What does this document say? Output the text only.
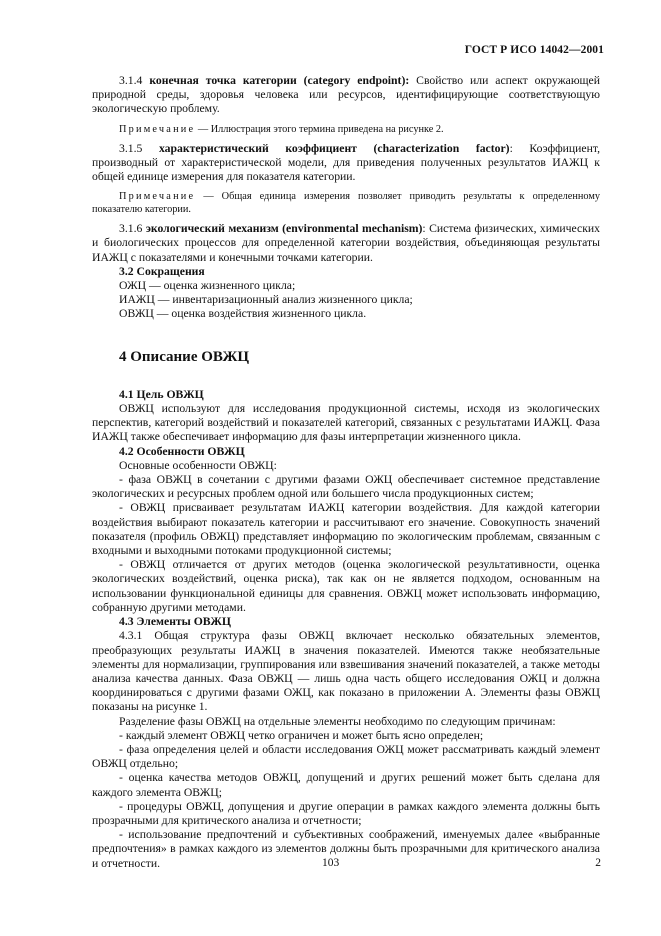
ГОСТ Р ИСО 14042—2001

3.1.4 конечная точка категории (category endpoint): Свойство или аспект окружающей природной среды, здоровья человека или ресурсов, идентифицирующие соответствующую экологическую проблему.

Примечание — Иллюстрация этого термина приведена на рисунке 2.

3.1.5 характеристический коэффициент (characterization factor): Коэффициент, производный от характеристической модели, для приведения полученных результатов ИАЖЦ к общей единице измерения для показателя категории.

Примечание — Общая единица измерения позволяет приводить результаты к определенному показателю категории.

3.1.6 экологический механизм (environmental mechanism): Система физических, химических и биологических процессов для определенной категории воздействия, объединяющая результаты ИАЖЦ с показателями и конечными точками категории.

3.2 Сокращения

ОЖЦ — оценка жизненного цикла;

ИАЖЦ — инвентаризационный анализ жизненного цикла;

ОВЖЦ — оценка воздействия жизненного цикла.

4 Описание ОВЖЦ

4.1 Цель ОВЖЦ

ОВЖЦ используют для исследования продукционной системы, исходя из экологических перспектив, категорий воздействий и показателей категорий, связанных с результатами ИАЖЦ. Фаза ИАЖЦ также обеспечивает информацию для фазы интерпретации жизненного цикла.

4.2 Особенности ОВЖЦ

Основные особенности ОВЖЦ:

- фаза ОВЖЦ в сочетании с другими фазами ОЖЦ обеспечивает системное представление экологических и ресурсных проблем одной или большего числа продукционных систем;

- ОВЖЦ присваивает результатам ИАЖЦ категории воздействия. Для каждой категории воздействия выбирают показатель категории и рассчитывают его значение. Совокупность значений показателя (профиль ОВЖЦ) представляет информацию по экологическим проблемам, связанным с входными и выходными потоками продукционной системы;

- ОВЖЦ отличается от других методов (оценка экологической результативности, оценка экологических воздействий, оценка риска), так как он не является подходом, основанным на использовании функциональной единицы для сравнения. ОВЖЦ может использовать информацию, собранную другими методами.

4.3 Элементы ОВЖЦ

4.3.1 Общая структура фазы ОВЖЦ включает несколько обязательных элементов, преобразующих результаты ИАЖЦ в значения показателей. Имеются также необязательные элементы для нормализации, группирования или взвешивания значений показателей, а также методы анализа качества данных. Фаза ОВЖЦ — лишь одна часть общего исследования ОЖЦ и должна координироваться с другими фазами ОЖЦ, как показано в приложении А. Элементы фазы ОВЖЦ показаны на рисунке 1.

Разделение фазы ОВЖЦ на отдельные элементы необходимо по следующим причинам:

- каждый элемент ОВЖЦ четко ограничен и может быть ясно определен;

- фаза определения целей и области исследования ОЖЦ может рассматривать каждый элемент ОВЖЦ отдельно;

- оценка качества методов ОВЖЦ, допущений и других решений может быть сделана для каждого элемента ОВЖЦ;

- процедуры ОВЖЦ, допущения и другие операции в рамках каждого элемента должны быть прозрачными для критического анализа и отчетности;

- использование предпочтений и субъективных соображений, именуемых далее «выбранные предпочтения» в рамках каждого из элементов должны быть прозрачными для критического анализа и отчетности.	103	2
